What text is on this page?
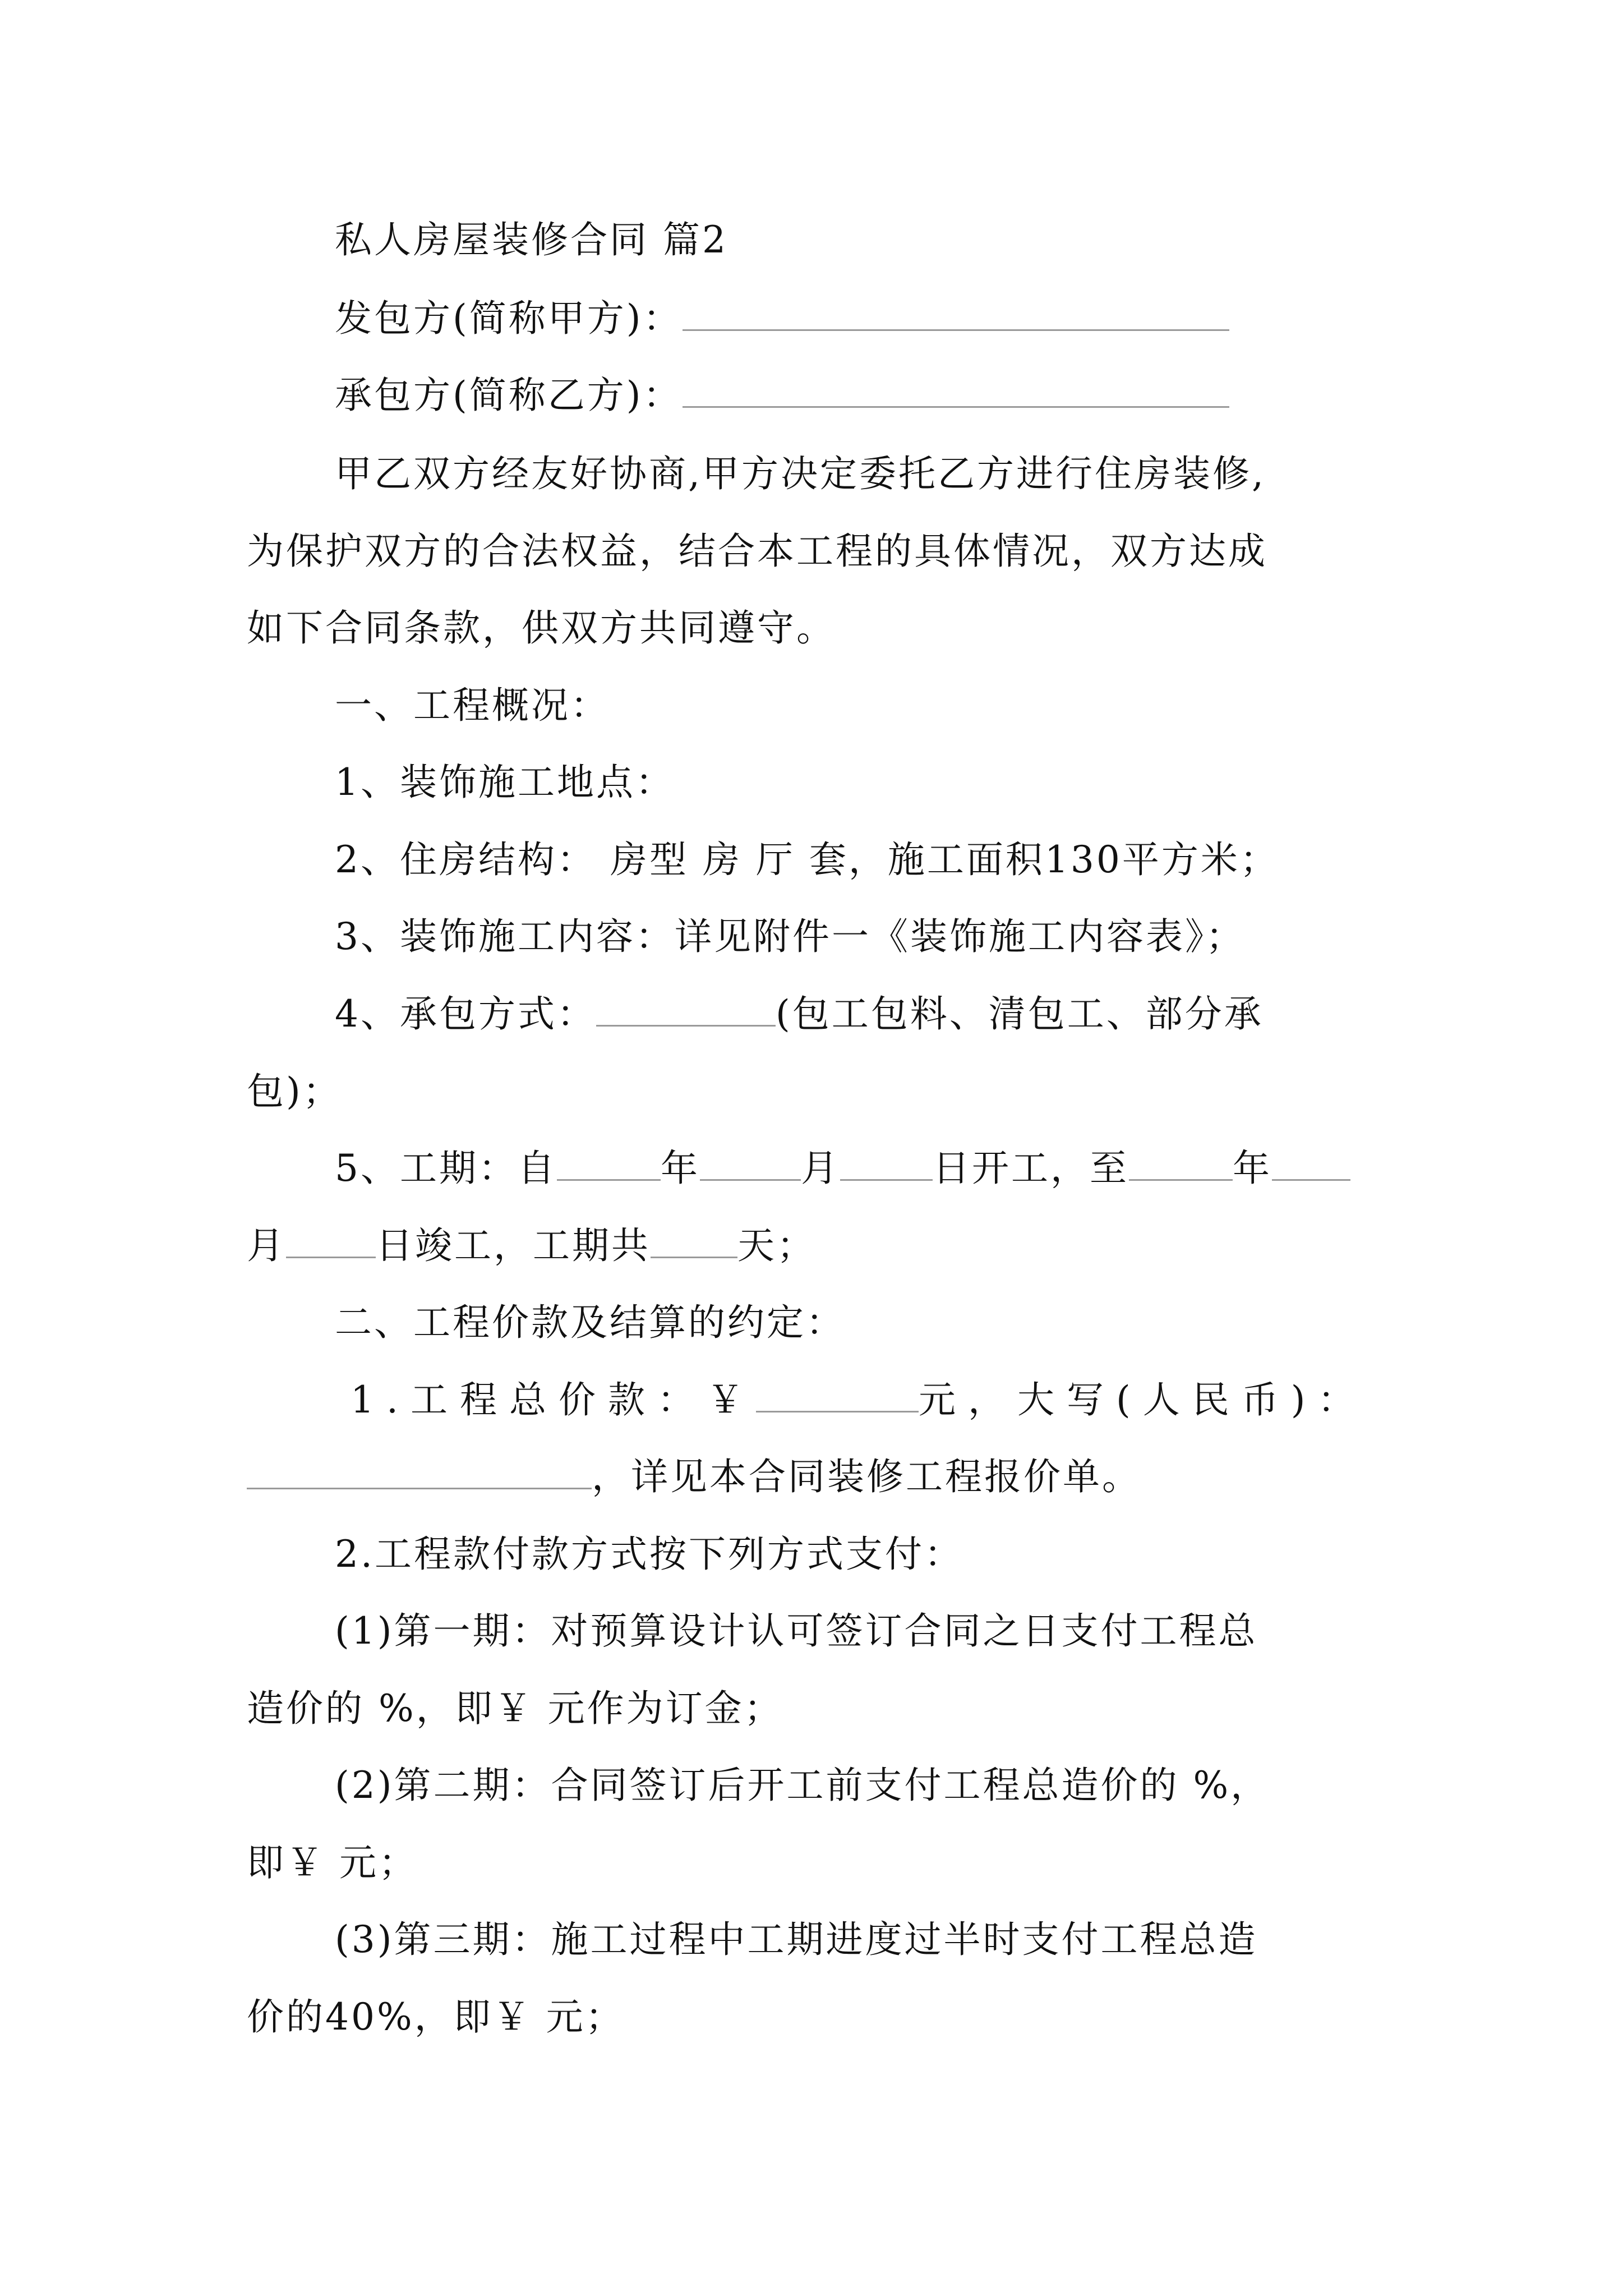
私人房屋装修合同 篇2
发包方(简称甲方)：
承包方(简称乙方)：
甲乙双方经友好协商,甲方决定委托乙方进行住房装修,
为保护双方的合法权益，结合本工程的具体情况，双方达成
如下合同条款，供双方共同遵守。
一、工程概况：
1、装饰施工地点：
2、住房结构： 房型 房 厅 套，施工面积130平方米；
3、装饰施工内容：详见附件一《装饰施工内容表》；
4、承包方式：	(包工包料、清包工、部分承
包)；
5、工期：自	年	月	日开工，至	年
月 日竣工，工期共 天；
二、工程价款及结算的约定：
1.工程总价款：￥	元，大写(人民币)：
，详见本合同装修工程报价单。
2.工程款付款方式按下列方式支付：
(1)第一期：对预算设计认可签订合同之日支付工程总
造价的 %，即￥ 元作为订金；
(2)第二期：合同签订后开工前支付工程总造价的 %，
即￥ 元；
(3)第三期：施工过程中工期进度过半时支付工程总造
价的40%，即￥ 元；
